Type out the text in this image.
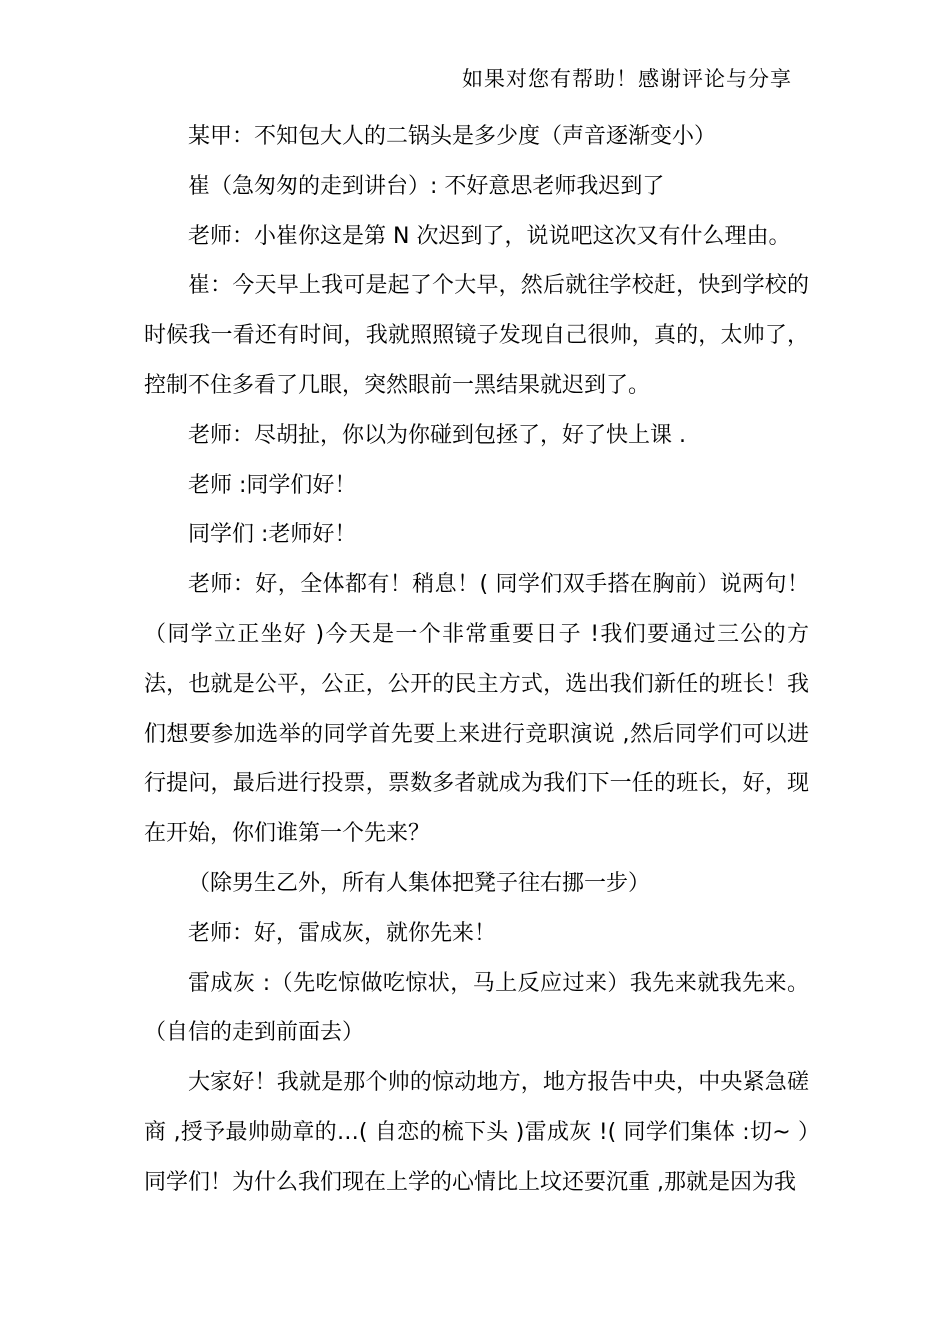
如果对您有帮助！感谢评论与分享

某甲：不知包大人的二锅头是多少度（声音逐渐变小）

崔（急匆匆的走到讲台）: 不好意思老师我迟到了

老师：小崔你这是第 N 次迟到了，说说吧这次又有什么理由。

崔：今天早上我可是起了个大早，然后就往学校赶，快到学校的时候我一看还有时间，我就照照镜子发现自己很帅，真的，太帅了，控制不住多看了几眼，突然眼前一黑结果就迟到了。

老师：尽胡扯，你以为你碰到包拯了，好了快上课 .

老师 :同学们好！

同学们 :老师好！

老师：好，全体都有！稍息！( 同学们双手搭在胸前）说两句！（同学立正坐好 )今天是一个非常重要日子 !我们要通过三公的方法，也就是公平，公正，公开的民主方式，选出我们新任的班长！我们想要参加选举的同学首先要上来进行竞职演说 ,然后同学们可以进行提问，最后进行投票，票数多者就成为我们下一任的班长，好，现在开始，你们谁第一个先来？

（除男生乙外，所有人集体把凳子往右挪一步）

老师：好，雷成灰，就你先来！

雷成灰 :（先吃惊做吃惊状，马上反应过来）我先来就我先来。（自信的走到前面去）

大家好！我就是那个帅的惊动地方，地方报告中央，中央紧急磋商 ,授予最帅勋章的…( 自恋的梳下头 )雷成灰 !( 同学们集体 :切~ ）同学们！为什么我们现在上学的心情比上坟还要沉重 ,那就是因为我
